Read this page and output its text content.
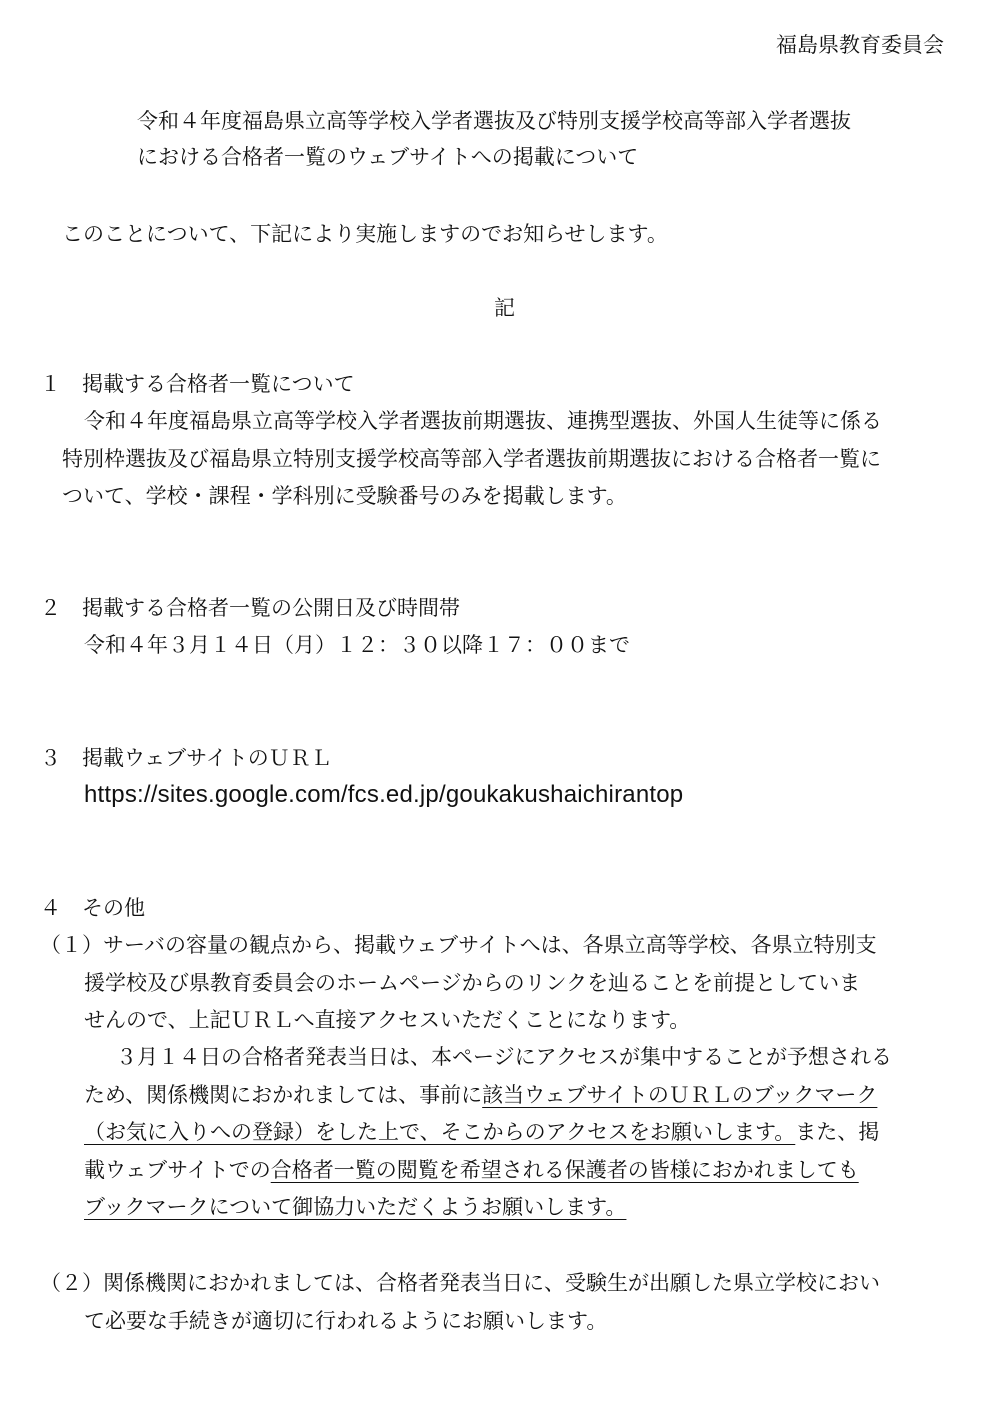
福島県教育委員会
令和４年度福島県立高等学校入学者選抜及び特別支援学校高等部入学者選抜
における合格者一覧のウェブサイトへの掲載について
このことについて、下記により実施しますのでお知らせします。
記
１　掲載する合格者一覧について
令和４年度福島県立高等学校入学者選抜前期選抜、連携型選抜、外国人生徒等に係る
特別枠選抜及び福島県立特別支援学校高等部入学者選抜前期選抜における合格者一覧に
ついて、学校・課程・学科別に受験番号のみを掲載します。
２　掲載する合格者一覧の公開日及び時間帯
令和４年３月１４日（月）１２：３０以降１７：００まで
３　掲載ウェブサイトのＵＲＬ
https://sites.google.com/fcs.ed.jp/goukakushaichirantop
４　その他
（１）サーバの容量の観点から、掲載ウェブサイトへは、各県立高等学校、各県立特別支
援学校及び県教育委員会のホームページからのリンクを辿ることを前提としていま
せんので、上記ＵＲＬへ直接アクセスいただくことになります。
３月１４日の合格者発表当日は、本ページにアクセスが集中することが予想される
ため、関係機関におかれましては、事前に該当ウェブサイトのＵＲＬのブックマーク
（お気に入りへの登録）をした上で、そこからのアクセスをお願いします。また、掲
載ウェブサイトでの合格者一覧の閲覧を希望される保護者の皆様におかれましても
ブックマークについて御協力いただくようお願いします。
（２）関係機関におかれましては、合格者発表当日に、受験生が出願した県立学校におい
て必要な手続きが適切に行われるようにお願いします。
